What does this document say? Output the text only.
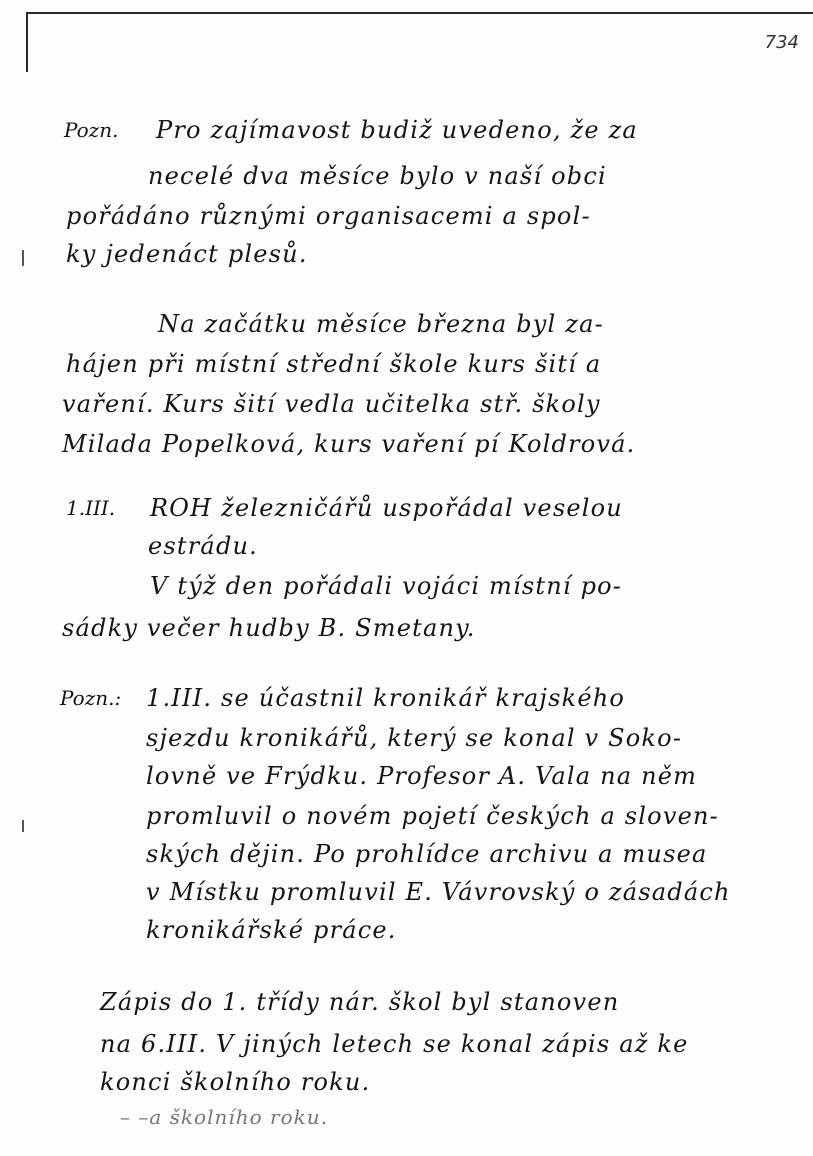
734
Pozn. Pro zajímavost budiž uvedeno, že za
necelé dva měsíce bylo v naší obci
pořádáno různými organisacemi a spol-
ky jedenáct plesů.
Na začátku měsíce března byl za-
hájen při místní střední škole kurs šití a
vaření. Kurs šití vedla učitelka stř. školy
Milada Popelková, kurs vaření pí Koldrová.
1.III. ROH železničářů uspořádal veselou
estrádu.
V týž den pořádali vojáci místní po-
sádky večer hudby B. Smetany.
Pozn.: 1.III. se účastnil kronikář krajského
sjezdu kronikářů, který se konal v Soko-
lovně ve Frýdku. Profesor A. Vala na něm
promluvil o novém pojetí českých a sloven-
ských dějin. Po prohlídce archivu a musea
v Místku promluvil E. Vávrovský o zásadách
kronikářské práce.
Zápis do 1. třídy nár. škol byl stanoven
na 6.III. V jiných letech se konal zápis až ke
konci školního roku.
– –a školního roku.
